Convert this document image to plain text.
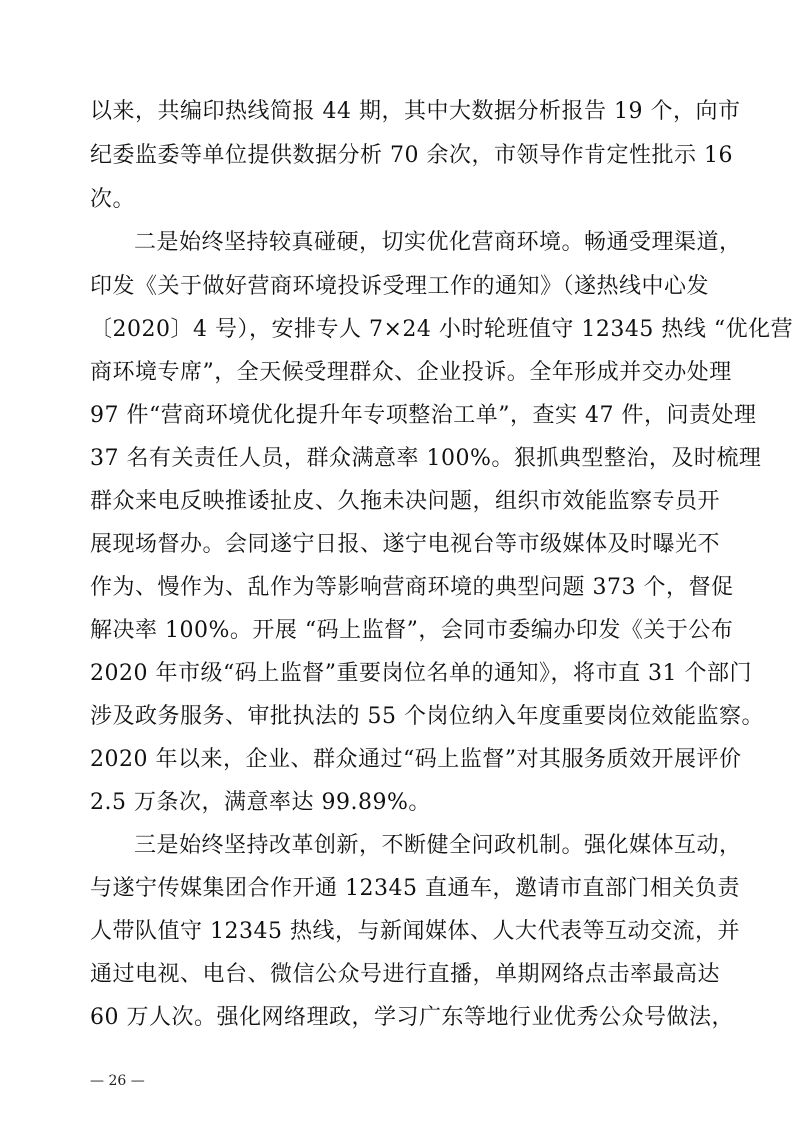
以来，共编印热线简报 44 期，其中大数据分析报告 19 个，向市
纪委监委等单位提供数据分析 70 余次，市领导作肯定性批示 16
次。
二是始终坚持较真碰硬，切实优化营商环境。畅通受理渠道，
印发《关于做好营商环境投诉受理工作的通知》（遂热线中心发
〔2020〕4 号），安排专人 7×24 小时轮班值守 12345 热线 “优化营
商环境专席”，全天候受理群众、企业投诉。全年形成并交办处理
97 件“营商环境优化提升年专项整治工单”，查实 47 件，问责处理
37 名有关责任人员，群众满意率 100%。狠抓典型整治，及时梳理
群众来电反映推诿扯皮、久拖未决问题，组织市效能监察专员开
展现场督办。会同遂宁日报、遂宁电视台等市级媒体及时曝光不
作为、慢作为、乱作为等影响营商环境的典型问题 373 个，督促
解决率 100%。开展 “码上监督”，会同市委编办印发《关于公布
2020 年市级“码上监督”重要岗位名单的通知》，将市直 31 个部门
涉及政务服务、审批执法的 55 个岗位纳入年度重要岗位效能监察。
2020 年以来，企业、群众通过“码上监督”对其服务质效开展评价
2.5 万条次，满意率达 99.89%。
三是始终坚持改革创新，不断健全问政机制。强化媒体互动，
与遂宁传媒集团合作开通 12345 直通车，邀请市直部门相关负责
人带队值守 12345 热线，与新闻媒体、人大代表等互动交流，并
通过电视、电台、微信公众号进行直播，单期网络点击率最高达
60 万人次。强化网络理政，学习广东等地行业优秀公众号做法，
— 26 —
